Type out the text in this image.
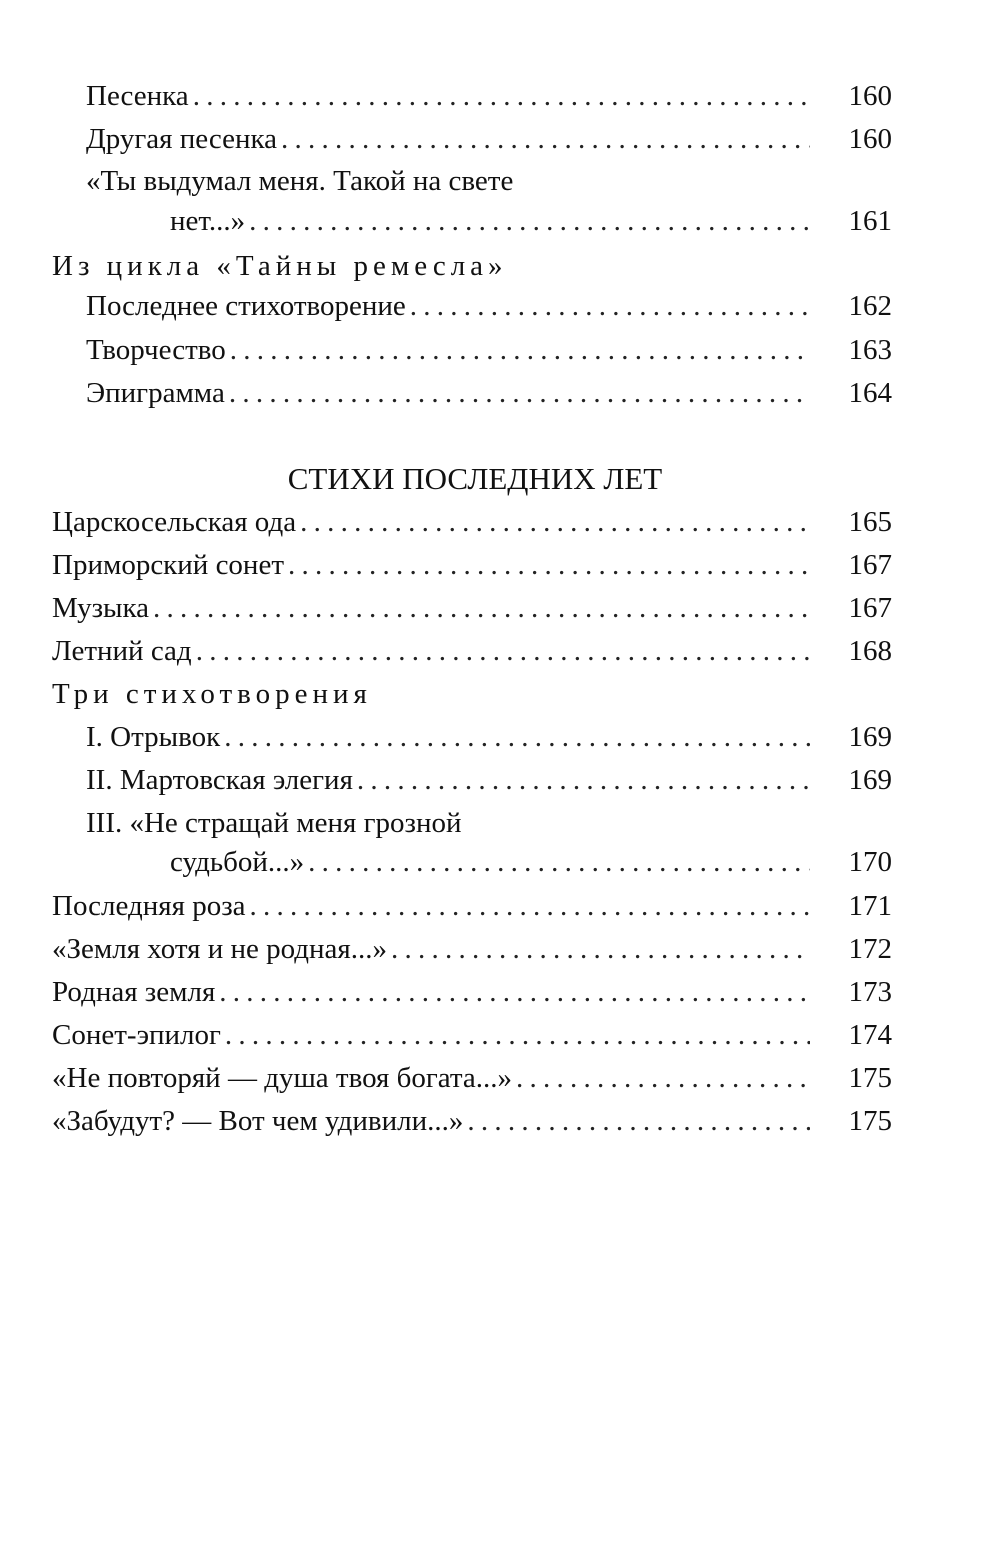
Песенка . . .	160
Другая песенка . . .	160
«Ты выдумал меня. Такой на свете
нет...» . . .	161
Из цикла «Тайны ремесла»
Последнее стихотворение . . .	162
Творчество . . .	163
Эпиграмма . . .	164
СТИХИ ПОСЛЕДНИХ ЛЕТ
Царскосельская ода . . .	165
Приморский сонет . . .	167
Музыка . . .	167
Летний сад . . .	168
Три стихотворения
I. Отрывок . . .	169
II. Мартовская элегия . . .	169
III. «Не стращай меня грозной
судьбой...» . . .	170
Последняя роза . . .	171
«Земля хотя и не родная...» . . .	172
Родная земля . . .	173
Сонет-эпилог . . .	174
«Не повторяй — душа твоя богата...» . . .	175
«Забудут? — Вот чем удивили...» . . .	175
